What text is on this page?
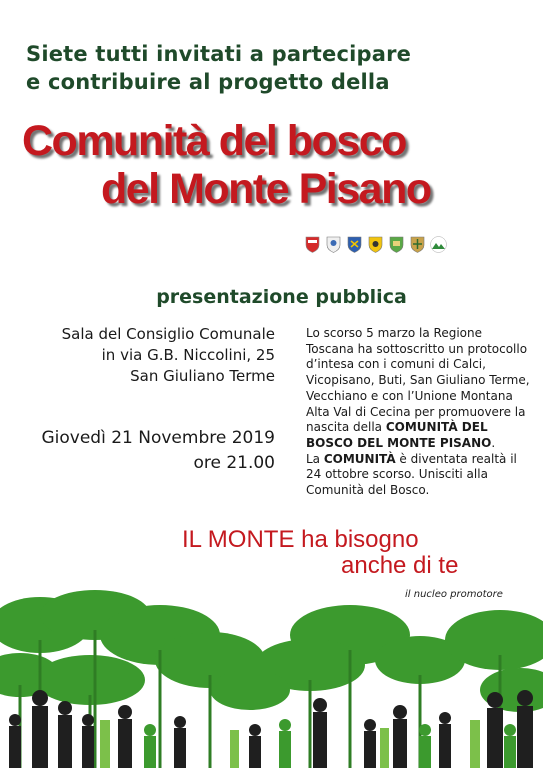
Siete tutti invitati a partecipare
e contribuire al progetto della
Comunità del bosco
del Monte Pisano
presentazione pubblica
Sala del Consiglio Comunale
in via G.B. Niccolini, 25
San Giuliano Terme
Giovedì 21 Novembre 2019
ore 21.00
Lo scorso 5 marzo la Regione Toscana ha sottoscritto un protocollo d’intesa con i comuni di Calci, Vicopisano, Buti, San Giuliano Terme, Vecchiano e con l’Unione Montana Alta Val di Cecina per promuovere la nascita della COMUNITÀ DEL BOSCO DEL MONTE PISANO.
La COMUNITÀ è diventata realtà il 24 ottobre scorso. Unisciti alla Comunità del Bosco.
IL MONTE ha bisogno
anche di te
il nucleo promotore
